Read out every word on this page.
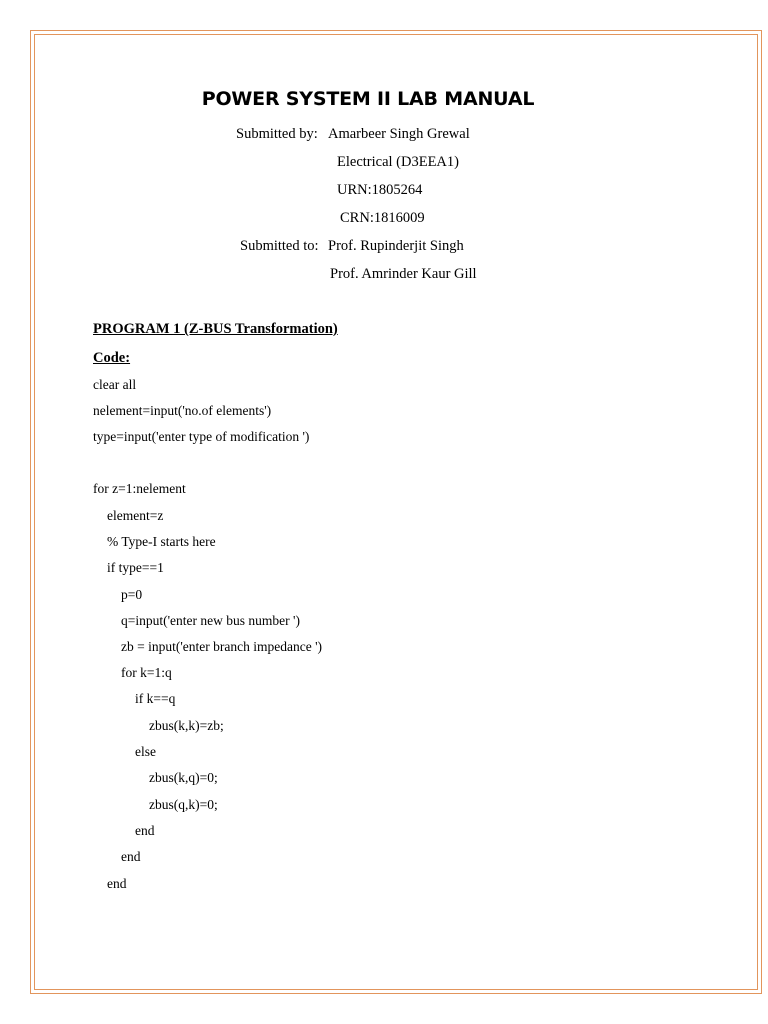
POWER SYSTEM II LAB MANUAL
Submitted by: Amarbeer Singh Grewal
Electrical (D3EEA1)
URN:1805264
CRN:1816009
Submitted to: Prof. Rupinderjit Singh
Prof. Amrinder Kaur Gill
PROGRAM 1 (Z-BUS Transformation)
Code:
clear all
nelement=input('no.of elements')
type=input('enter type of modification ')
for z=1:nelement
element=z
% Type-I starts here
if type==1
p=0
q=input('enter new bus number ')
zb = input('enter branch impedance ')
for k=1:q
if k==q
zbus(k,k)=zb;
else
zbus(k,q)=0;
zbus(q,k)=0;
end
end
end
